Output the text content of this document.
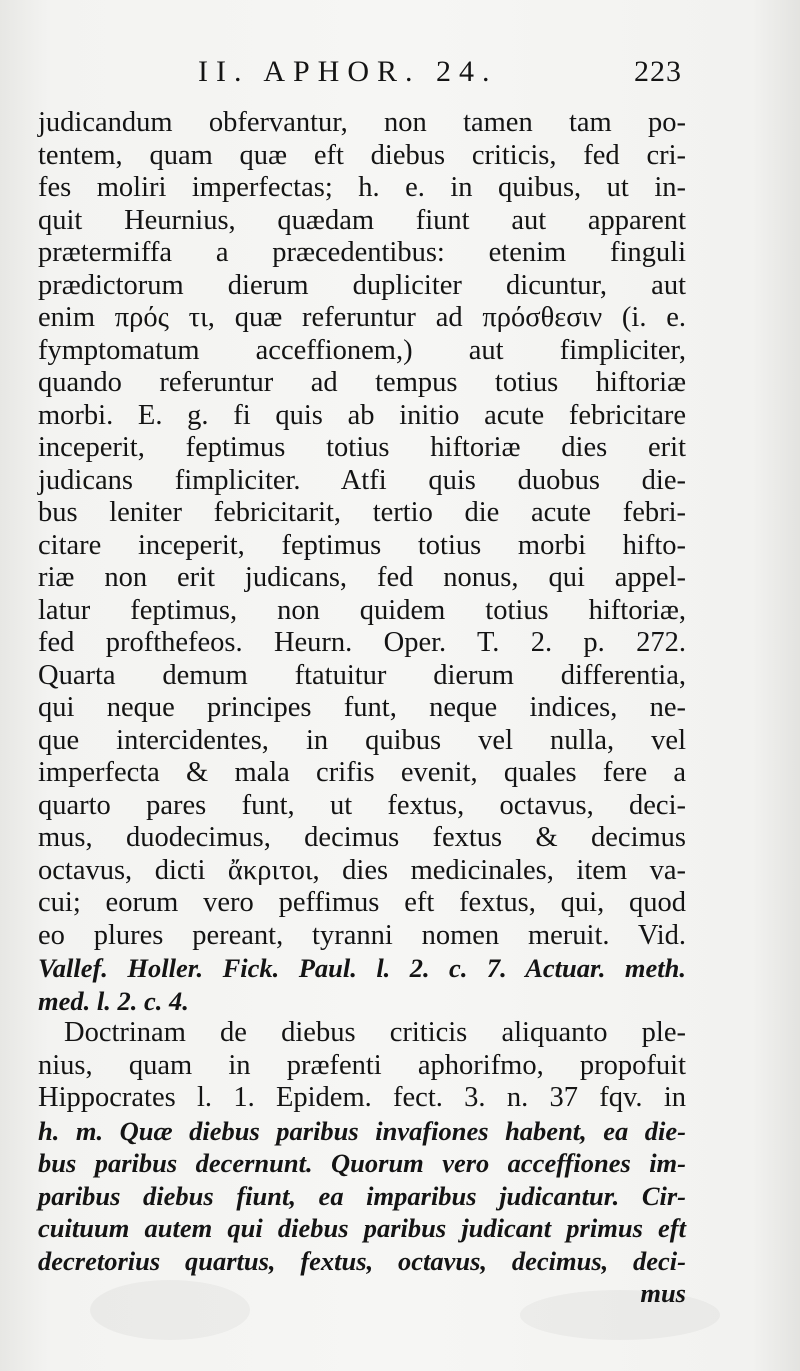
II. APHOR. 24.	223
judicandum obfervantur, non tamen tam po-
tentem, quam quæ eft diebus criticis, fed cri-
fes moliri imperfectas; h. e. in quibus, ut in-
quit Heurnius, quædam fiunt aut apparent
prætermiffa a præcedentibus: etenim finguli
prædictorum dierum dupliciter dicuntur, aut
enim πρός τι, quæ referuntur ad πρόσθεσιν (i. e.
fymptomatum acceffionem,) aut fimpliciter,
quando referuntur ad tempus totius hiftoriæ
morbi. E. g. fi quis ab initio acute febricitare
inceperit, feptimus totius hiftoriæ dies erit
judicans fimpliciter. Atfi quis duobus die-
bus leniter febricitarit, tertio die acute febri-
citare inceperit, feptimus totius morbi hifto-
riæ non erit judicans, fed nonus, qui appel-
latur feptimus, non quidem totius hiftoriæ,
fed profthefeos. Heurn. Oper. T. 2. p. 272.
Quarta demum ftatuitur dierum differentia,
qui neque principes funt, neque indices, ne-
que intercidentes, in quibus vel nulla, vel
imperfecta & mala crifis evenit, quales fere a
quarto pares funt, ut fextus, octavus, deci-
mus, duodecimus, decimus fextus & decimus
octavus, dicti ἄκριτοι, dies medicinales, item va-
cui; eorum vero peffimus eft fextus, qui, quod
eo plures pereant, tyranni nomen meruit. Vid.
Vallef. Holler. Fick. Paul. l. 2. c. 7. Actuar. meth.
med. l. 2. c. 4.
Doctrinam de diebus criticis aliquanto ple-
nius, quam in præfenti aphorifmo, propofuit
Hippocrates l. 1. Epidem. fect. 3. n. 37 fqv. in
h. m. Quæ diebus paribus invafiones habent, ea die-
bus paribus decernunt. Quorum vero acceffiones im-
paribus diebus fiunt, ea imparibus judicantur. Cir-
cuituum autem qui diebus paribus judicant primus eft
decretorius quartus, fextus, octavus, decimus, deci-
mus
